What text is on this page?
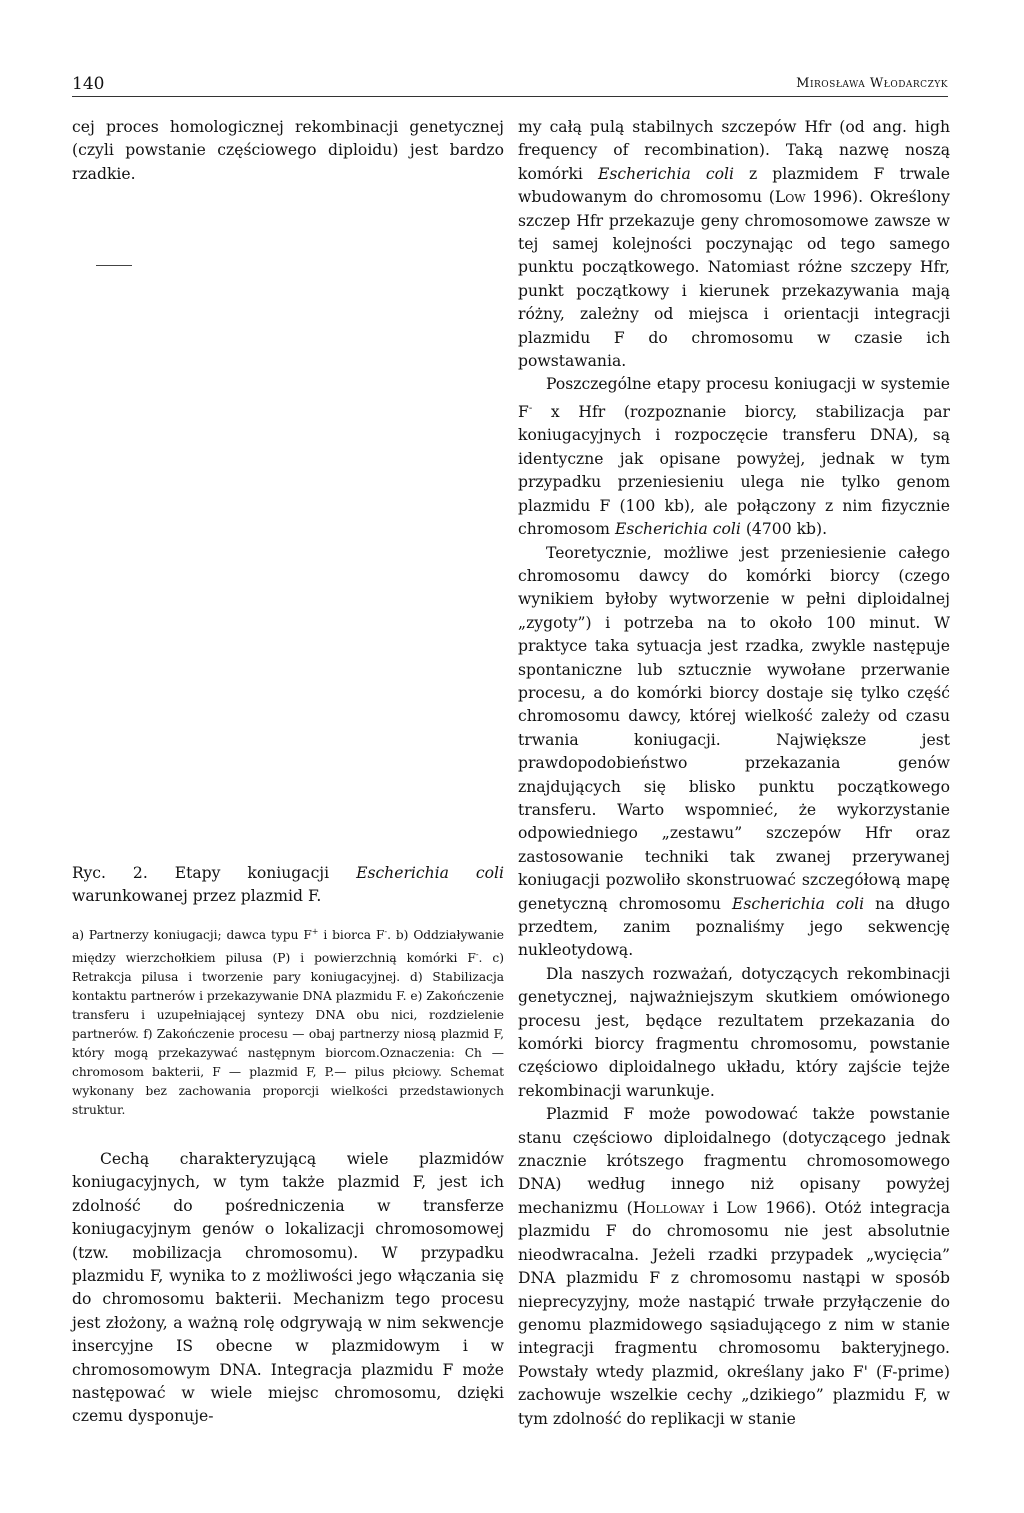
140	Mirosława Włodarczyk

cej proces homologicznej rekombinacji genetycznej (czyli powstanie częściowego diploidu) jest bardzo rzadkie.

Ryc. 2. Etapy koniugacji Escherichia coli warunkowanej przez plazmid F.

a) Partnerzy koniugacji; dawca typu F+ i biorca F-. b) Oddziaływanie między wierzchołkiem pilusa (P) i powierzchnią komórki F-. c) Retrakcja pilusa i tworzenie pary koniugacyjnej. d) Stabilizacja kontaktu partnerów i przekazywanie DNA plazmidu F. e) Zakończenie transferu i uzupełniającej syntezy DNA obu nici, rozdzielenie partnerów. f) Zakończenie procesu — obaj partnerzy niosą plazmid F, który mogą przekazywać następnym biorcom.Oznaczenia: Ch — chromosom bakterii, F — plazmid F, P.— pilus płciowy. Schemat wykonany bez zachowania proporcji wielkości przedstawionych struktur.

Cechą charakteryzującą wiele plazmidów koniugacyjnych, w tym także plazmid F, jest ich zdolność do pośredniczenia w transferze koniugacyjnym genów o lokalizacji chromosomowej (tzw. mobilizacja chromosomu). W przypadku plazmidu F, wynika to z możliwości jego włączania się do chromosomu bakterii. Mechanizm tego procesu jest złożony, a ważną rolę odgrywają w nim sekwencje insercyjne IS obecne w plazmidowym i w chromosomowym DNA. Integracja plazmidu F może następować w wiele miejsc chromosomu, dzięki czemu dysponuje-

my całą pulą stabilnych szczepów Hfr (od ang. high frequency of recombination). Taką nazwę noszą komórki Escherichia coli z plazmidem F trwale wbudowanym do chromosomu (Low 1996). Określony szczep Hfr przekazuje geny chromosomowe zawsze w tej samej kolejności poczynając od tego samego punktu początkowego. Natomiast różne szczepy Hfr, punkt początkowy i kierunek przekazywania mają różny, zależny od miejsca i orientacji integracji plazmidu F do chromosomu w czasie ich powstawania.

Poszczególne etapy procesu koniugacji w systemie F- x Hfr (rozpoznanie biorcy, stabilizacja par koniugacyjnych i rozpoczęcie transferu DNA), są identyczne jak opisane powyżej, jednak w tym przypadku przeniesieniu ulega nie tylko genom plazmidu F (100 kb), ale połączony z nim fizycznie chromosom Escherichia coli (4700 kb).

Teoretycznie, możliwe jest przeniesienie całego chromosomu dawcy do komórki biorcy (czego wynikiem byłoby wytworzenie w pełni diploidalnej „zygoty”) i potrzeba na to około 100 minut. W praktyce taka sytuacja jest rzadka, zwykle następuje spontaniczne lub sztucznie wywołane przerwanie procesu, a do komórki biorcy dostaje się tylko część chromosomu dawcy, której wielkość zależy od czasu trwania koniugacji. Największe jest prawdopodobieństwo przekazania genów znajdujących się blisko punktu początkowego transferu. Warto wspomnieć, że wykorzystanie odpowiedniego „zestawu” szczepów Hfr oraz zastosowanie techniki tak zwanej przerywanej koniugacji pozwoliło skonstruować szczegółową mapę genetyczną chromosomu Escherichia coli na długo przedtem, zanim poznaliśmy jego sekwencję nukleotydową.

Dla naszych rozważań, dotyczących rekombinacji genetycznej, najważniejszym skutkiem omówionego procesu jest, będące rezultatem przekazania do komórki biorcy fragmentu chromosomu, powstanie częściowo diploidalnego układu, który zajście tejże rekombinacji warunkuje.

Plazmid F może powodować także powstanie stanu częściowo diploidalnego (dotyczącego jednak znacznie krótszego fragmentu chromosomowego DNA) według innego niż opisany powyżej mechanizmu (Holloway i Low 1966). Otóż integracja plazmidu F do chromosomu nie jest absolutnie nieodwracalna. Jeżeli rzadki przypadek „wycięcia” DNA plazmidu F z chromosomu nastąpi w sposób nieprecyzyjny, może nastąpić trwałe przyłączenie do genomu plazmidowego sąsiadującego z nim w stanie integracji fragmentu chromosomu bakteryjnego. Powstały wtedy plazmid, określany jako F' (F-prime) zachowuje wszelkie cechy „dzikiego” plazmidu F, w tym zdolność do replikacji w stanie
